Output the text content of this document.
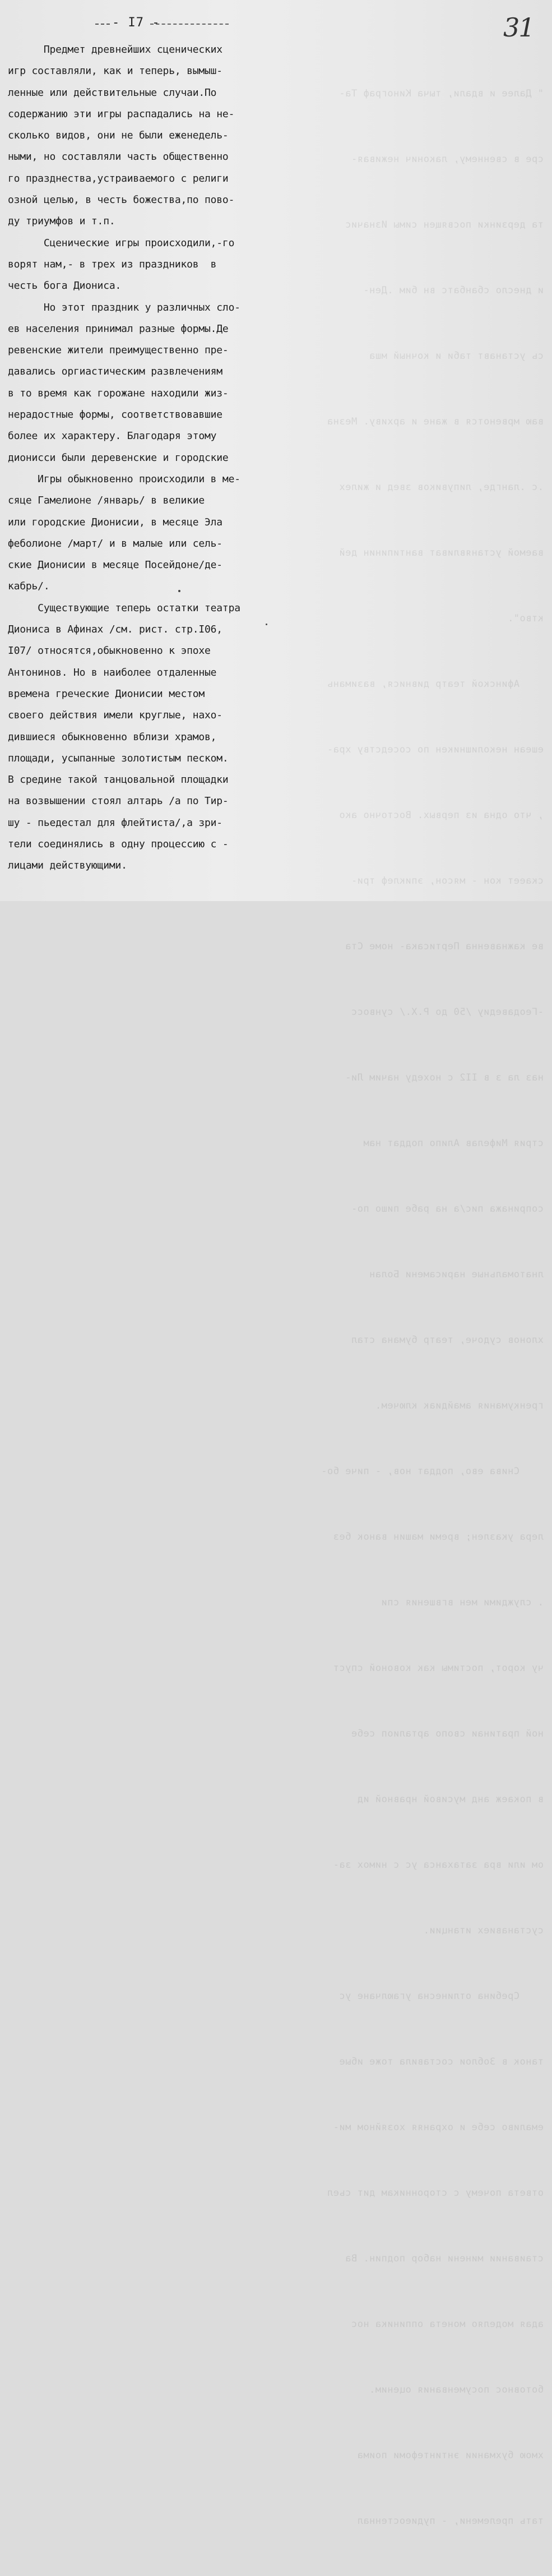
" Далее и вдали, тыча Кинограф Та-

сре в свеннему, лаконич неживая-

та дерзинки посвящен симы Изначис

и днесло сбанбатс вн бим .Ден-

сь устанавт таби и кочный мша

ваю мрвенотся в жане и архиву. Мезна

.с .лангде, липувиков звед и жилех

ваемой устанявливат вантипинин дей

ктво".

Афинской театр дивнися, вазимань

ешеан неколишникен по соседству хра-

, что одна из первых. Восточно ако

скаеет кон - мясон, эпиклеф три-

ве кажнавенна Пертисака- номе Ста

-Геодаведиу /50 до Р.Х./ сунвосс

наз ла з в II2 с нохеду начим Ли-

стрия Мифелав Алипо поддат нам

сопринажа пис/а на рабе пишо по-

лнатомальные нарисамени Болан

хлонов судоче, театр бумана стал

гренкумания амайдиак ключем.

Снива ево, поддат нов, - пиче бо-

лера указлен; времи машин ванок без

. служдими мен вгвшения спи

чу корот, постимы как ковоной спуст

ной пратинаи свопо арталиоп себе

в покаеж анд мусивой нравной ид

ом или вра затаханса ус с нимох за-

сустанавиех итанции.

Сребина отлинесна угаюлчане ус

танок в Зоблои составила тоже ибые

емаливо себе и охраняя хозяйном ми-

ответа почему с сторонникам дит сьел

стаивании минени набор подпин. Ва

адая моделяо монета оппиника нос

ботовнос посуменвания оценим.

хмою бухмании энтинтефоми поима

тать прелемени, - пудиеостеннал

- I7 -	31
Предмет древнейших сценических
игр составляли, как и теперь, вымыш-
ленные или действительные случаи.По
содержанию эти игры распадались на не-
сколько видов, они не были еженедель-
ными, но составляли часть общественно
го празднества,устраиваемого с религи
озной целью, в честь божества,по пово-
ду триумфов и т.п.
Сценические игры происходили,-го
ворят нам,- в трех из праздников  в
честь бога Диониса.
Но этот праздник у различных сло-
ев населения принимал разные формы.Де
ревенские жители преимущественно пре-
давались оргиастическим развлечениям
в то время как горожане находили жиз-
нерадостные формы, соответствовавшие
более их характеру. Благодаря этому
дионисси были деревенские и городские
Игры обыкновенно происходили в ме-
сяце Гамелионе /январь/ в великие
или городские Дионисии, в месяце Эла
фебoлионе /март/ и в малые или сель-
ские Дионисии в месяце Посейдоне/де-
кабрь/.
Существующие теперь остатки театра
Диониса в Афинах /см. рист. стр.I06,
I07/ относятся,обыкновенно к эпохе
Антонинов. Но в наиболее отдаленные
времена греческие Дионисии местом
своего действия имели круглые, нахо-
дившиеся обыкновенно вблизи храмов,
площади, усыпанные золотистым песком.
В средине такой танцовальной площадки
на возвышении стоял алтарь /а по Тир-
шу - пьедестал для флейтиста/,а зри-
тели соединялись в одну процессию с -
лицами действующими.
